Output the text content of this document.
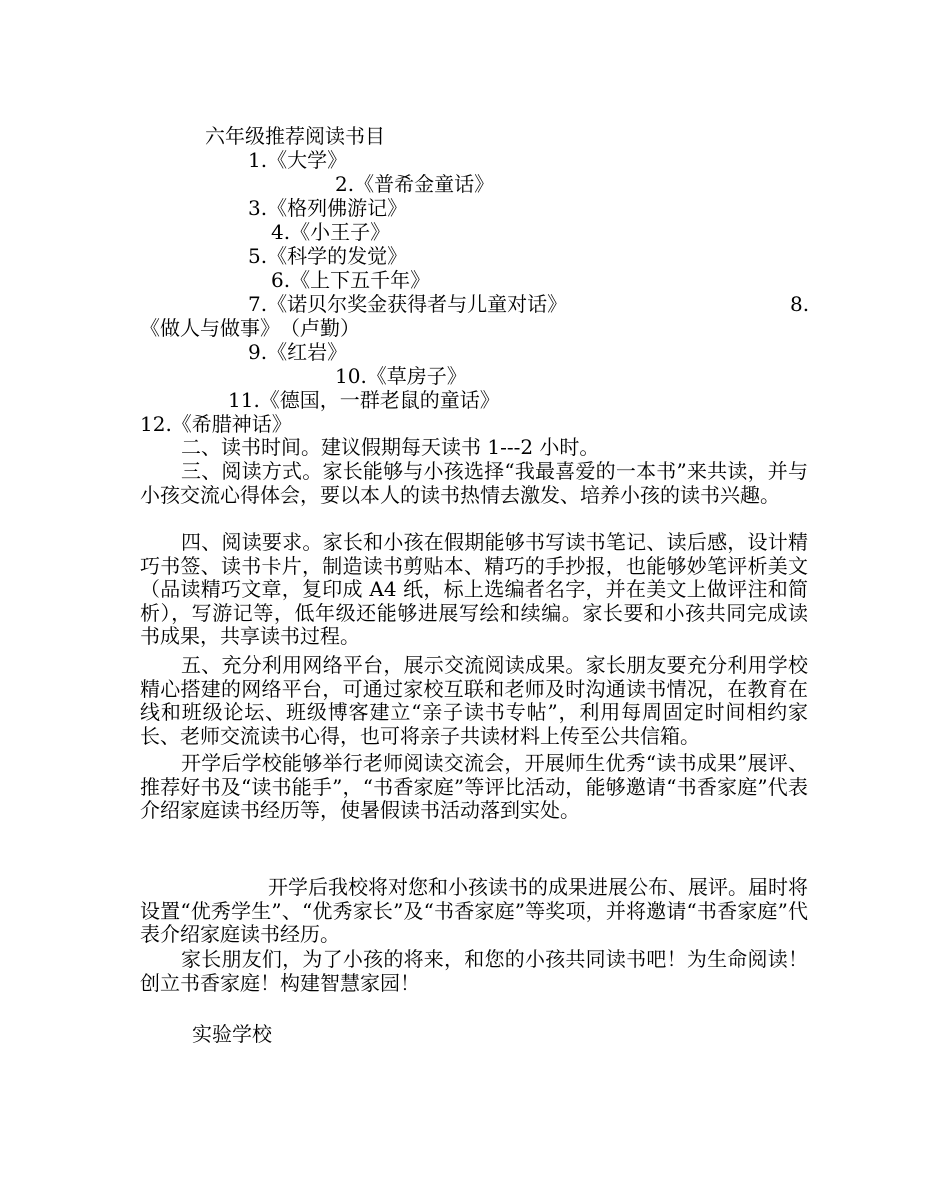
六年级推荐阅读书目
1.《大学》
2.《普希金童话》
3.《格列佛游记》
4.《小王子》
5.《科学的发觉》
6.《上下五千年》
7.《诺贝尔奖金获得者与儿童对话》	8.
《做人与做事》　（卢勤）
9.《红岩》
10.《草房子》
11.《德国，一群老鼠的童话》
12.《希腊神话》
二、读书时间。建议假期每天读书 1---2 小时。
三、阅读方式。家长能够与小孩选择“我最喜爱的一本书”来共读，并与小孩交流心得体会，要以本人的读书热情去激发、培养小孩的读书兴趣。
四、阅读要求。家长和小孩在假期能够书写读书笔记、读后感，设计精巧书签、读书卡片，制造读书剪贴本、精巧的手抄报，也能够妙笔评析美文（品读精巧文章，复印成 A4 纸，标上选编者名字，并在美文上做评注和简析），写游记等，低年级还能够进展写绘和续编。家长要和小孩共同完成读书成果，共享读书过程。
五、充分利用网络平台，展示交流阅读成果。家长朋友要充分利用学校精心搭建的网络平台，可通过家校互联和老师及时沟通读书情况，在教育在线和班级论坛、班级博客建立“亲子读书专帖”，利用每周固定时间相约家长、老师交流读书心得，也可将亲子共读材料上传至公共信箱。
开学后学校能够举行老师阅读交流会，开展师生优秀“读书成果”展评、推荐好书及“读书能手”，“书香家庭”等评比活动，能够邀请“书香家庭”代表介绍家庭读书经历等，使暑假读书活动落到实处。
开学后我校将对您和小孩读书的成果进展公布、展评。届时将设置“优秀学生”、“优秀家长”及“书香家庭”等奖项，并将邀请“书香家庭”代表介绍家庭读书经历。
家长朋友们，为了小孩的将来，和您的小孩共同读书吧！为生命阅读！创立书香家庭！构建智慧家园！
实验学校
